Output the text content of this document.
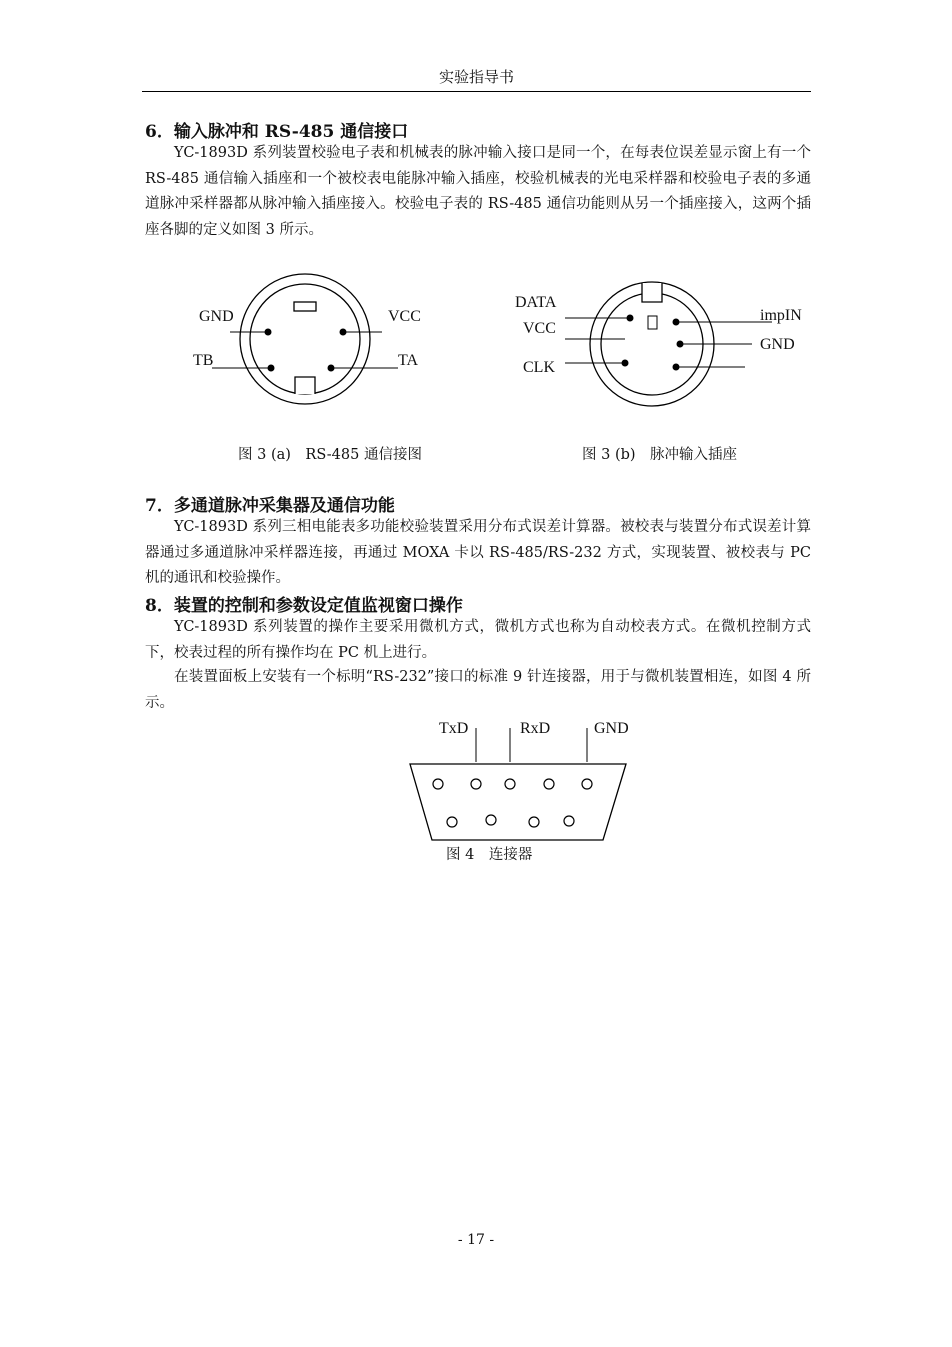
实验指导书
6．输入脉冲和 RS-485 通信接口
YC-1893D 系列装置校验电子表和机械表的脉冲输入接口是同一个，在每表位误差显示窗上有一个 RS-485 通信输入插座和一个被校表电能脉冲输入插座，校验机械表的光电采样器和校验电子表的多通道脉冲采样器都从脉冲输入插座接入。校验电子表的 RS-485 通信功能则从另一个插座接入，这两个插座各脚的定义如图 3 所示。
GND	VCC
TB	TA
DATA
VCC
CLK
impIN
GND
图 3 (a)　RS-485 通信接图	图 3 (b)　脉冲输入插座
7．多通道脉冲采集器及通信功能
YC-1893D 系列三相电能表多功能校验装置采用分布式误差计算器。被校表与装置分布式误差计算器通过多通道脉冲采样器连接，再通过 MOXA 卡以 RS-485/RS-232 方式，实现装置、被校表与 PC 机的通讯和校验操作。
8．装置的控制和参数设定值监视窗口操作
YC-1893D 系列装置的操作主要采用微机方式，微机方式也称为自动校表方式。在微机控制方式下，校表过程的所有操作均在 PC 机上进行。
在装置面板上安装有一个标明“RS-232”接口的标准 9 针连接器，用于与微机装置相连，如图 4 所示。
TxD	RxD	GND
图 4　连接器
- 17 -
